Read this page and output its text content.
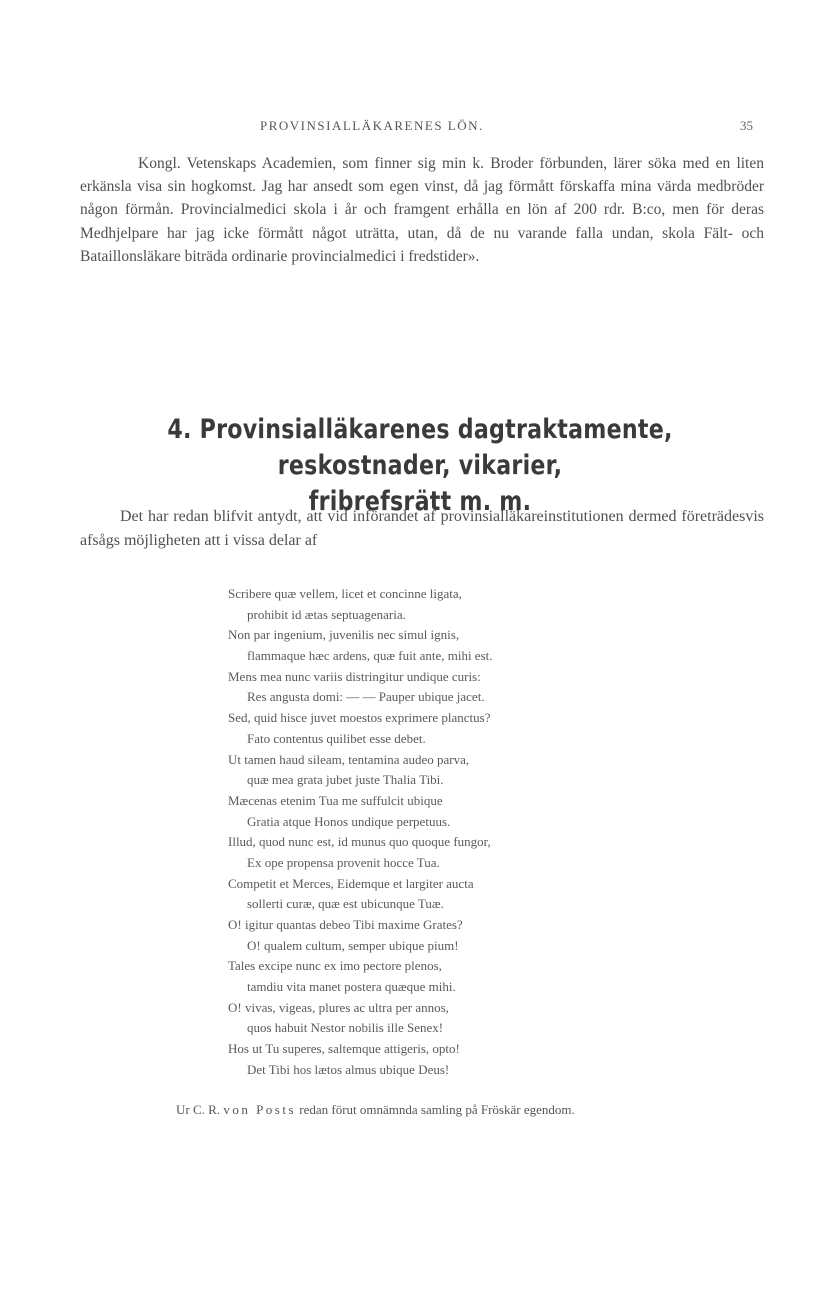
PROVINSIALLÄKARENES LÖN.	35

Kongl. Vetenskaps Academien, som finner sig min k. Broder förbunden, lärer söka med en liten erkänsla visa sin hogkomst. Jag har ansedt som egen vinst, då jag förmått förskaffa mina värda medbröder någon förmån. Provincialmedici skola i år och framgent erhålla en lön af 200 rdr. B:co, men för deras Medhjelpare har jag icke förmått något uträtta, utan, då de nu varande falla undan, skola Fält- och Bataillonsläkare biträda ordinarie provincialmedici i fredstider».

4. Provinsialläkarenes dagtraktamente, reskostnader, vikarier,
fribrefsrätt m. m.

Det har redan blifvit antydt, att vid införandet af provinsialläkareinstitutionen dermed företrädesvis afsågs möjligheten att i vissa delar af

Scribere quæ vellem, licet et concinne ligata,
prohibit id ætas septuagenaria.
Non par ingenium, juvenilis nec simul ignis,
flammaque hæc ardens, quæ fuit ante, mihi est.
Mens mea nunc variis distringitur undique curis:
Res angusta domi: — — Pauper ubique jacet.
Sed, quid hisce juvet moestos exprimere planctus?
Fato contentus quilibet esse debet.
Ut tamen haud sileam, tentamina audeo parva,
quæ mea grata jubet juste Thalia Tibi.
Mæcenas etenim Tua me suffulcit ubique
Gratia atque Honos undique perpetuus.
Illud, quod nunc est, id munus quo quoque fungor,
Ex ope propensa provenit hocce Tua.
Competit et Merces, Eidemque et largiter aucta
sollerti curæ, quæ est ubicunque Tuæ.
O! igitur quantas debeo Tibi maxime Grates?
O! qualem cultum, semper ubique pium!
Tales excipe nunc ex imo pectore plenos,
tamdiu vita manet postera quæque mihi.
O! vivas, vigeas, plures ac ultra per annos,
quos habuit Nestor nobilis ille Senex!
Hos ut Tu superes, saltemque attigeris, opto!
Det Tibi hos lætos almus ubique Deus!
Ur C. R. von Posts redan förut omnämnda samling på Fröskär egendom.
